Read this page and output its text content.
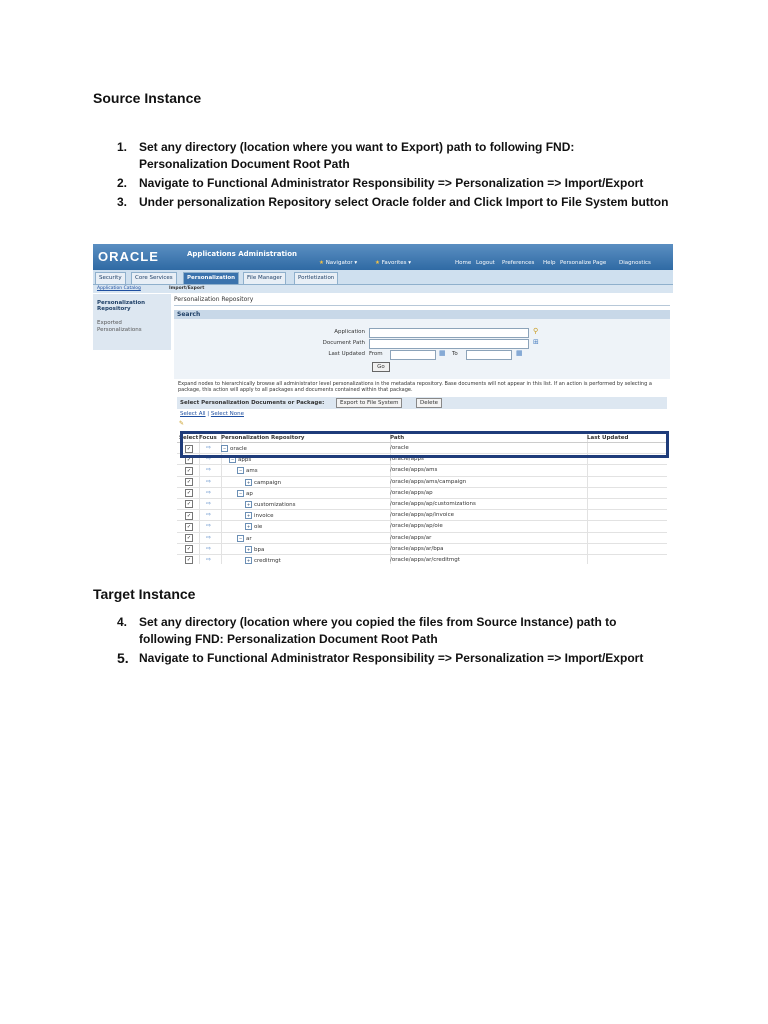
Source Instance
1. Set any directory (location where you want to Export) path to following FND:
Personalization Document Root Path
2. Navigate to Functional Administrator Responsibility => Personalization => Import/Export
3. Under personalization Repository select Oracle folder and Click Import to File System button
ORACLE	Applications Administration
★ Navigator ▾	★ Favorites ▾	Home Logout Preferences Help Personalize Page Diagnostics
Security	Core Services	Personalization	File Manager	Portletization
Application Catalog	Import/Export
Personalization Repository
Exported Personalizations
Personalization Repository
Search
Application	⚲
Document Path	⊞
Last Updated From	▦ To	▦
Go
Expand nodes to hierarchically browse all administrator level personalizations in the metadata repository. Base documents will not appear in this list. If an action is performed by selecting a package, this action will apply to all packages and documents contained within that package.
Select Personalization Documents or Package:	Export to File System	Delete
Select All | Select None
✎
Select Focus Personalization Repository	Path	Last Updated
✓	⇨	− oracle	/oracle
✓	⇨	− apps	/oracle/apps
✓	⇨	− ams	/oracle/apps/ams
✓	⇨	+ campaign	/oracle/apps/ams/campaign
✓	⇨	− ap	/oracle/apps/ap
✓	⇨	+ customizations	/oracle/apps/ap/customizations
✓	⇨	+ invoice	/oracle/apps/ap/invoice
✓	⇨	+ oie	/oracle/apps/ap/oie
✓	⇨	− ar	/oracle/apps/ar
✓	⇨	+ bpa	/oracle/apps/ar/bpa
✓	⇨	+ creditmgt	/oracle/apps/ar/creditmgt
Target Instance
4. Set any directory (location where you copied the files from Source Instance) path to
following FND: Personalization Document Root Path
5. Navigate to Functional Administrator Responsibility => Personalization => Import/Export
